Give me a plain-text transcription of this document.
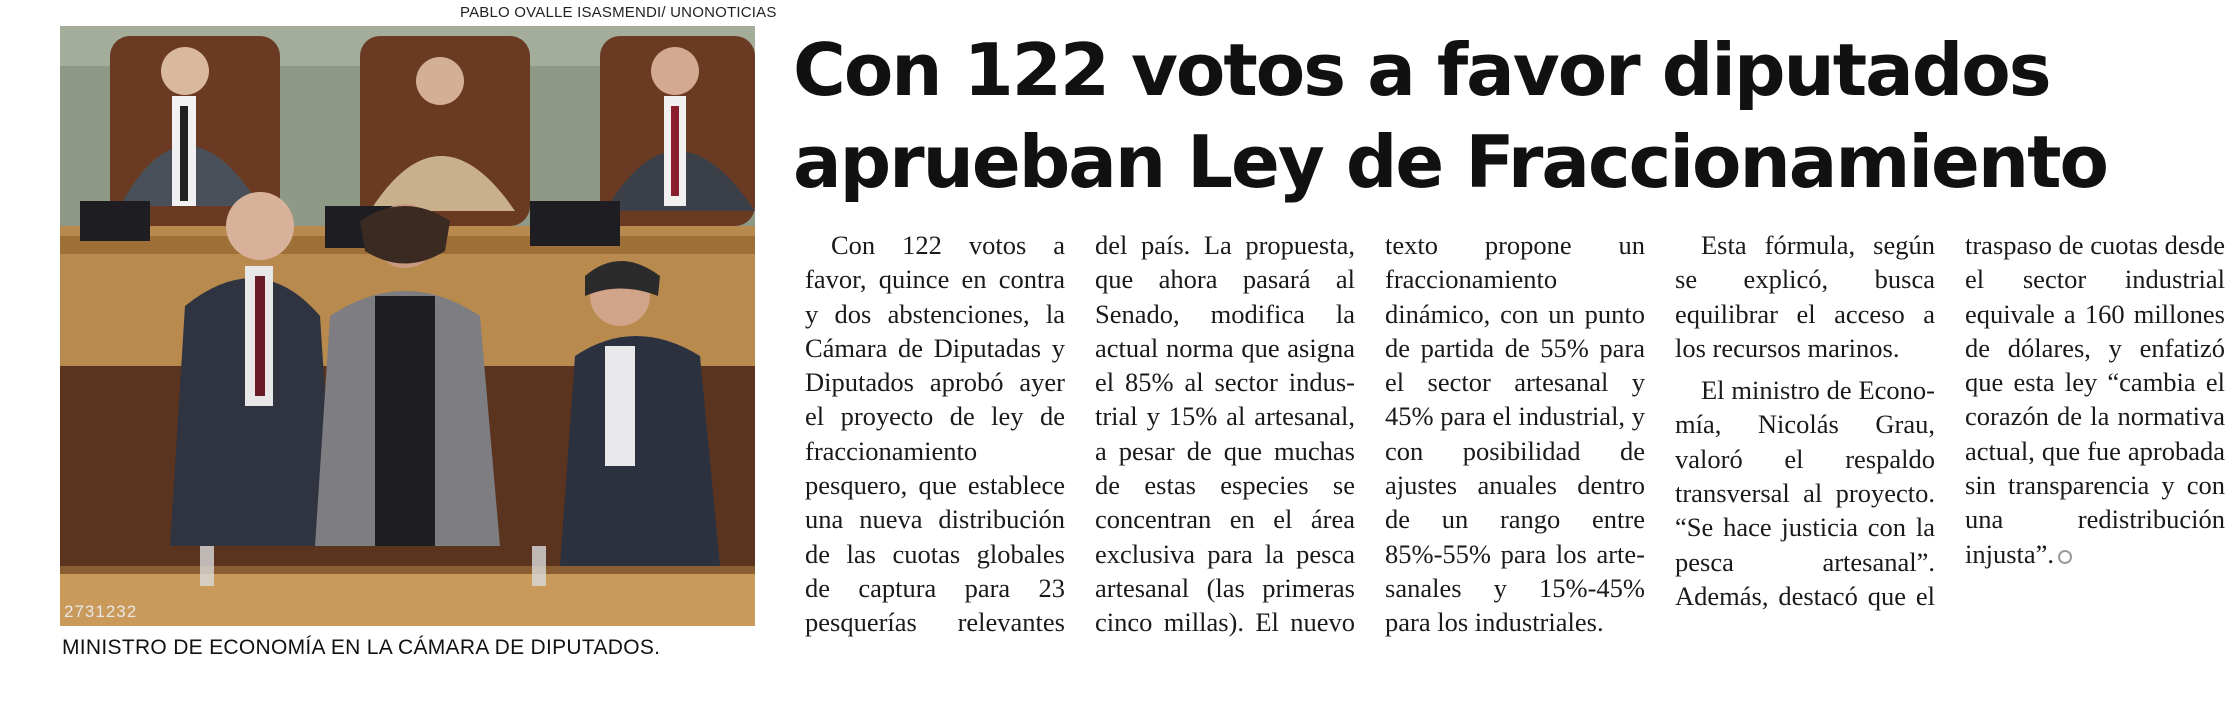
PABLO OVALLE ISASMENDI/ UNONOTICIAS
2731232
MINISTRO DE ECONOMÍA EN LA CÁMARA DE DIPUTADOS.
Con 122 votos a favor diputados
aprueban Ley de Fraccionamiento

Con 122 votos a favor, quince en contra y dos abstenciones, la Cámara de Diputadas y Diputados aprobó ayer el proyecto de ley de fraccionamiento pesquero, que establece una nueva distribución de las cuotas globales de captura para 23 pesquerías relevantes del país. La propuesta, que ahora pasará al Senado, modifica la actual norma que asigna el 85% al sector industrial y 15% al artesanal, a pesar de que muchas de estas especies se concentran en el área exclusiva para la pesca artesanal (las primeras cinco millas). El nuevo texto propone un fraccionamiento dinámico, con un punto de partida de 55% para el sector artesanal y 45% para el industrial, y con posibilidad de ajustes anuales dentro de un rango entre 85%-55% para los artesanales y 15%-45% para los industriales.

Esta fórmula, según se explicó, busca equilibrar el acceso a los recursos marinos.

El ministro de Economía, Nicolás Grau, valoró el respaldo transversal al proyecto. “Se hace justicia con la pesca artesanal”. Además, destacó que el traspaso de cuotas desde el sector industrial equivale a 160 millones de dólares, y enfatizó que esta ley “cambia el corazón de la normativa actual, que fue aprobada sin transparencia y con una redistribución injusta”.
